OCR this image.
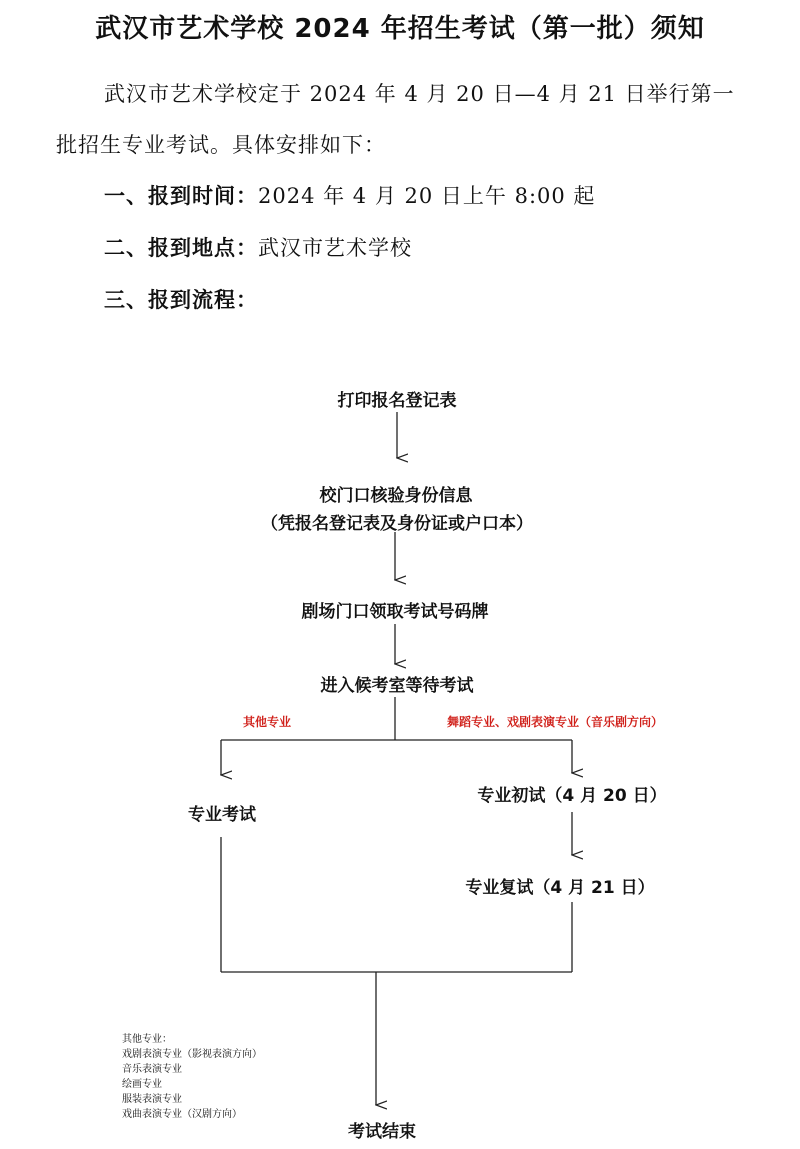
武汉市艺术学校 2024 年招生考试（第一批）须知
武汉市艺术学校定于 2024 年 4 月 20 日—4 月 21 日举行第一
批招生专业考试。具体安排如下：
一、报到时间：2024 年 4 月 20 日上午 8:00 起
二、报到地点：武汉市艺术学校
三、报到流程：
打印报名登记表
校门口核验身份信息
（凭报名登记表及身份证或户口本）
剧场门口领取考试号码牌
进入候考室等待考试
其他专业	舞蹈专业、戏剧表演专业（音乐剧方向）
专业考试
专业初试（4 月 20 日）
专业复试（4 月 21 日）
其他专业：
戏剧表演专业（影视表演方向）
音乐表演专业
绘画专业
服装表演专业
戏曲表演专业（汉剧方向）
考试结束
